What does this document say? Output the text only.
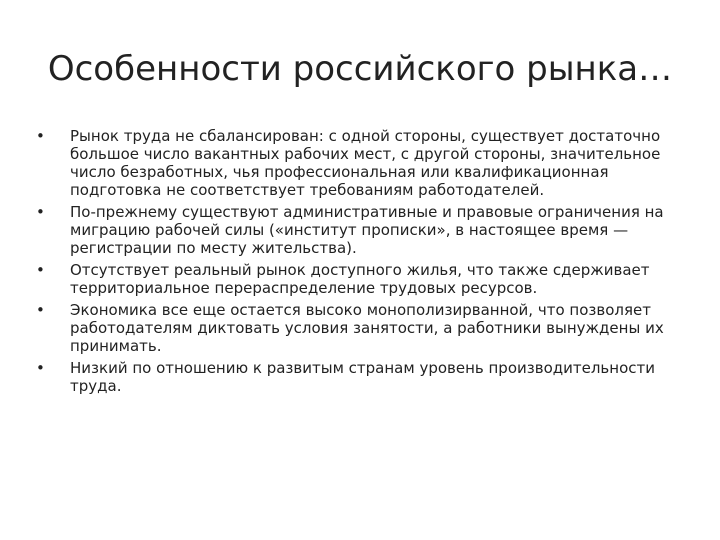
Особенности российского рынка…
•	Рынок труда не сбалансирован: с одной стороны, существует достаточно большое число вакантных рабочих мест, с другой стороны, значительное число безработных, чья профессиональная или квалификационная подготовка не соответствует требованиям работодателей.
•	По-прежнему существуют административные и правовые ограничения на миграцию рабочей силы («институт прописки», в настоящее время — регистрации по месту жительства).
•	Отсутствует реальный рынок доступного жилья, что также сдерживает территориальное перераспределение трудовых ресурсов.
•	Экономика все еще остается высоко монополизирванной, что позволяет работодателям диктовать условия занятости, а работники вынуждены их принимать.
•	Низкий по отношению к развитым странам уровень производительности труда.
